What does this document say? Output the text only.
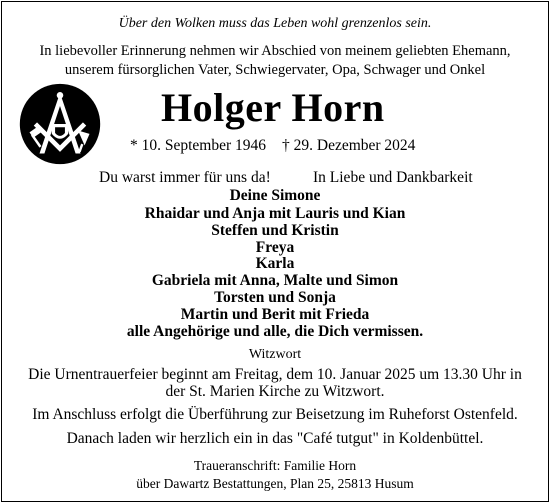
Über den Wolken muss das Leben wohl grenzenlos sein.
In liebevoller Erinnerung nehmen wir Abschied von meinem geliebten Ehemann,
unserem fürsorglichen Vater, Schwiegervater, Opa, Schwager und Onkel
Holger Horn
* 10. September 1946 † 29. Dezember 2024
Du warst immer für uns da!	In Liebe und Dankbarkeit
Deine Simone
Rhaidar und Anja mit Lauris und Kian
Steffen und Kristin
Freya
Karla
Gabriela mit Anna, Malte und Simon
Torsten und Sonja
Martin und Berit mit Frieda
alle Angehörige und alle, die Dich vermissen.
Witzwort
Die Urnentrauerfeier beginnt am Freitag, dem 10. Januar 2025 um 13.30 Uhr in
der St. Marien Kirche zu Witzwort.
Im Anschluss erfolgt die Überführung zur Beisetzung im Ruheforst Ostenfeld.
Danach laden wir herzlich ein in das "Café tutgut" in Koldenbüttel.
Traueranschrift: Familie Horn
über Dawartz Bestattungen, Plan 25, 25813 Husum
